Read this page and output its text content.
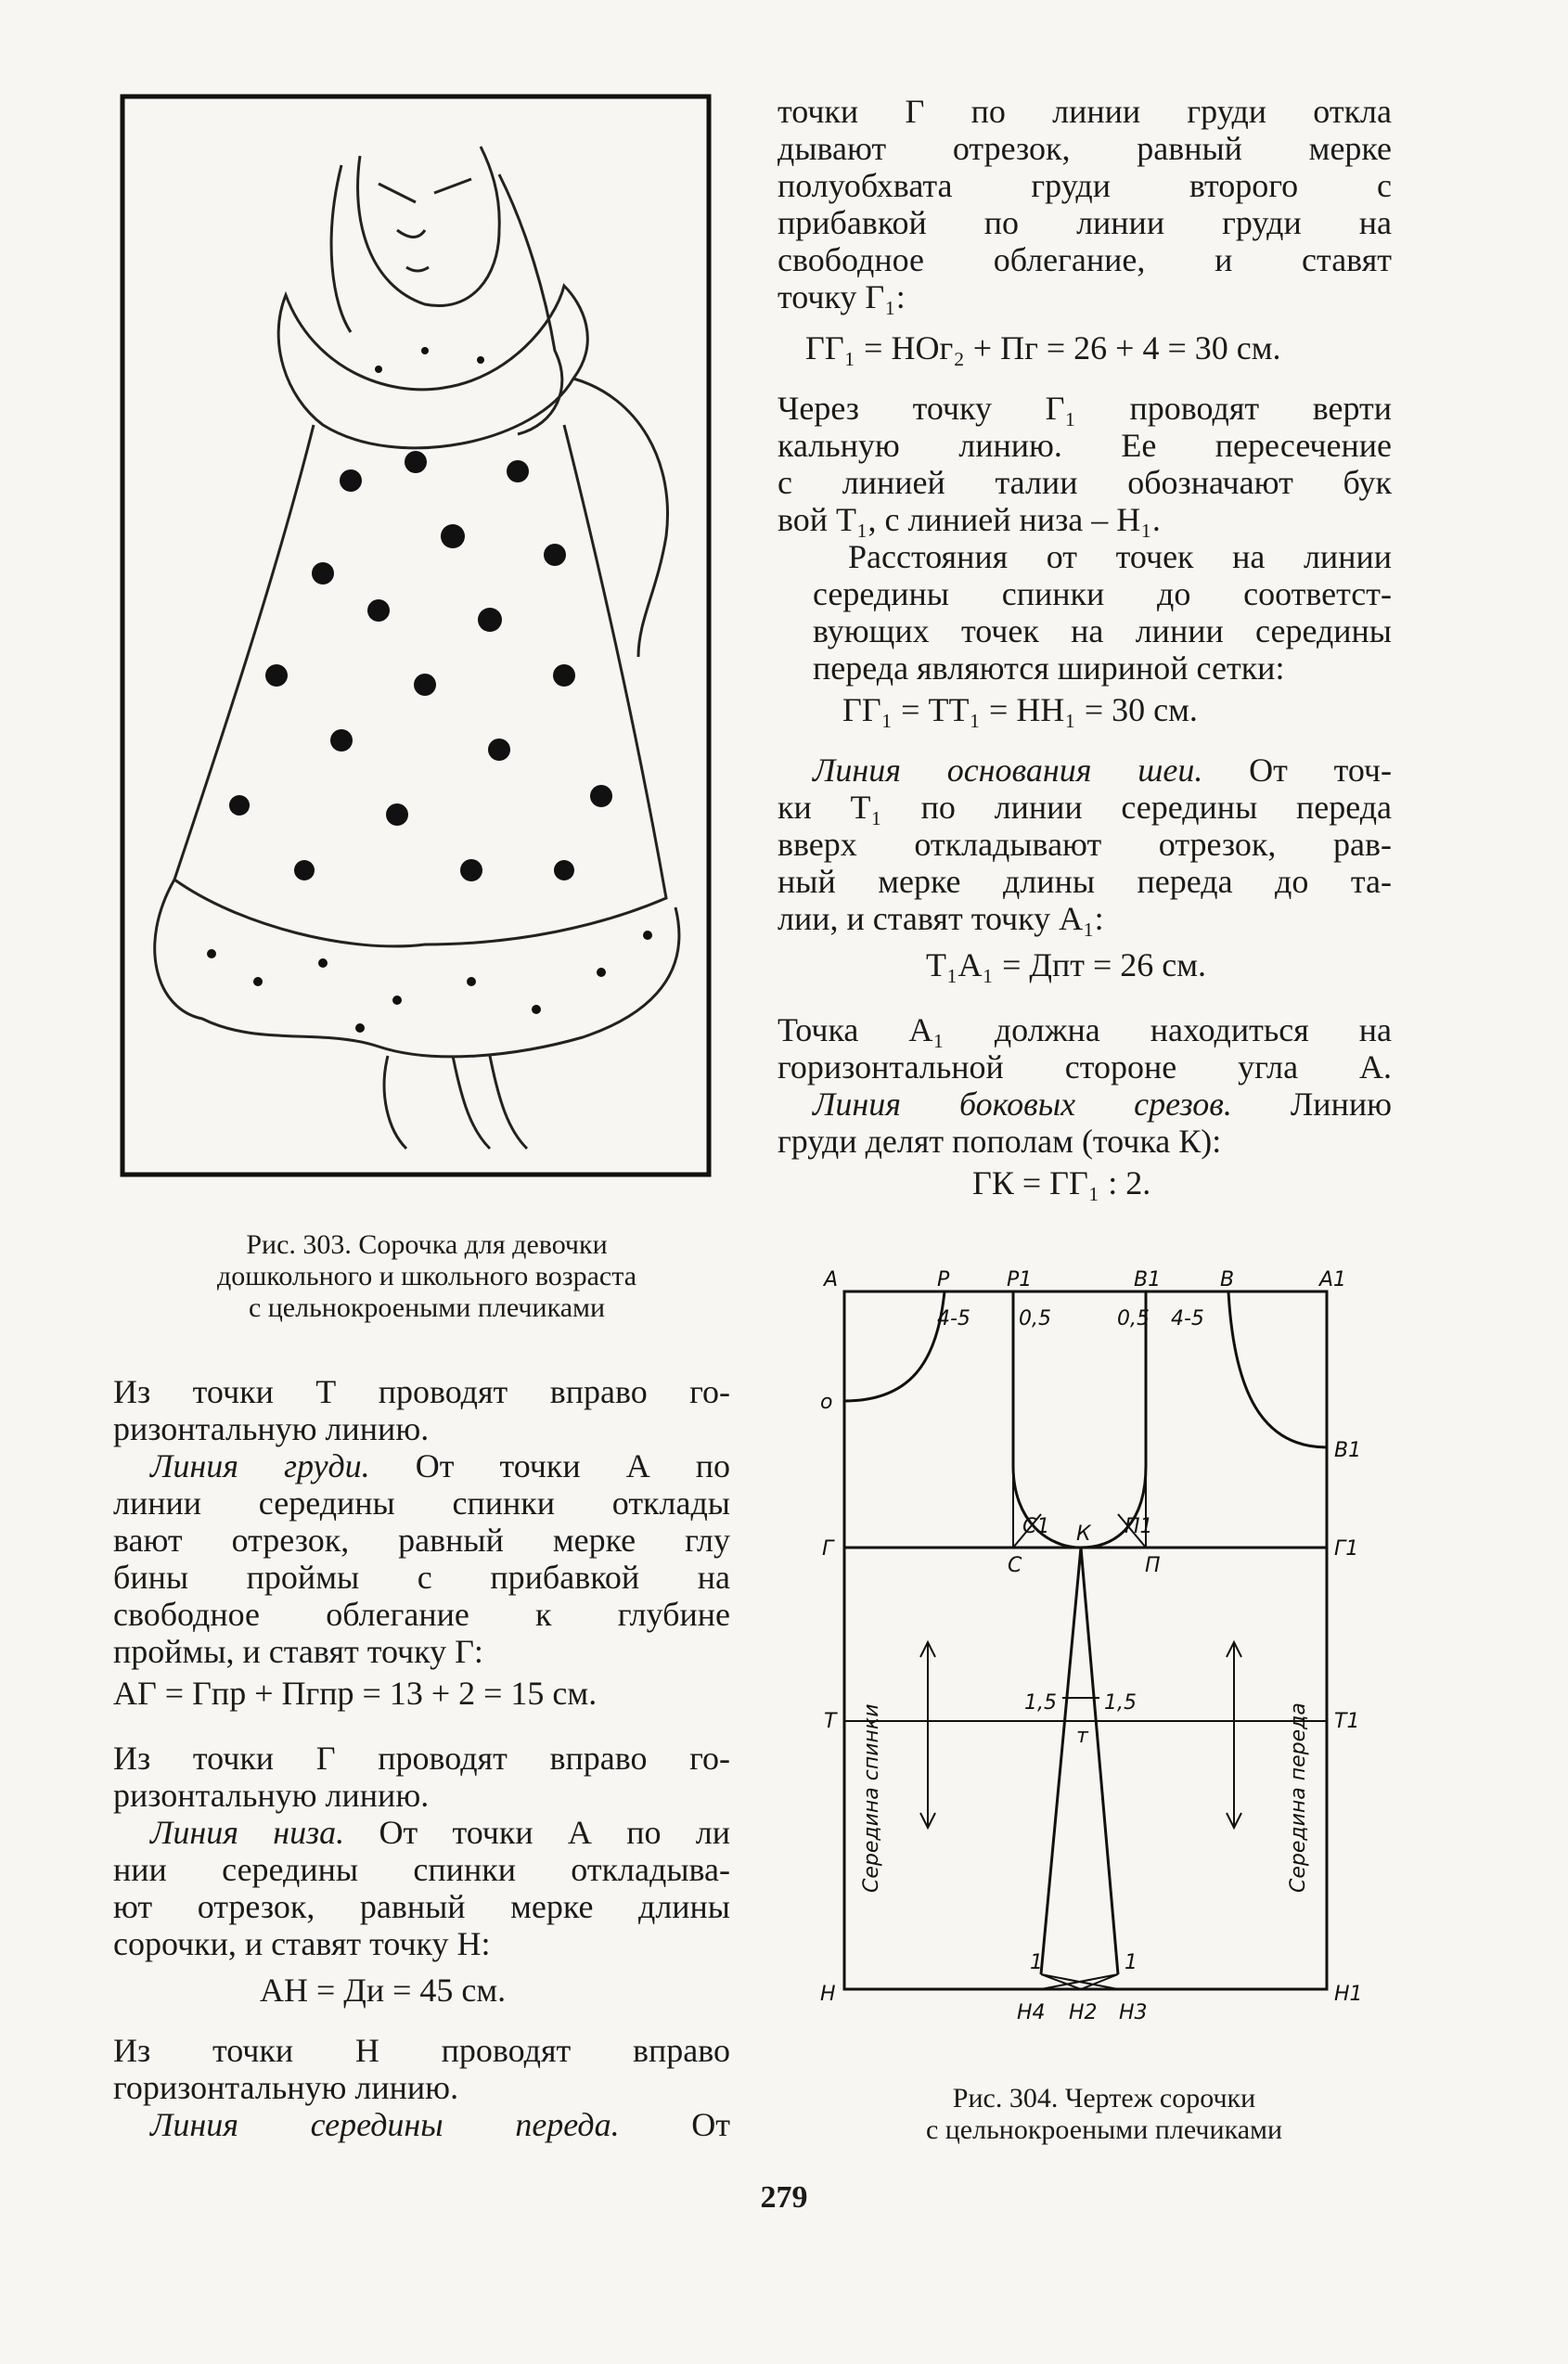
Рис. 303. Сорочка для девочки
дошкольного и школьного возраста
с цельнокроеными плечиками
точки Г по линии груди откла
дывают отрезок, равный мерке
полуобхвата груди второго с
прибавкой по линии груди на
свободное облегание, и ставят
точку Г₁:
ГГ₁ = НОг₂ + Пг = 26 + 4 = 30 см.
Через точку Г₁ проводят верти
кальную линию. Ее пересечение
с линией талии обозначают бук
вой Т₁, с линией низа – Н₁.
Расстояния от точек на линии
середины спинки до соответст-
вующих точек на линии середины
переда являются шириной сетки:
ГГ₁ = ТТ₁ = НН₁ = 30 см.
Линия основания шеи. От точ-
ки Т₁ по линии середины переда
вверх откладывают отрезок, рав-
ный мерке длины переда до та-
лии, и ставят точку А₁:
Т₁А₁ = Дпт = 26 см.
Точка А₁ должна находиться на
горизонтальной стороне угла А.
Линия боковых срезов. Линию
груди делят пополам (точка К):
ГК = ГГ₁ : 2.
Из точки Т проводят вправо го-
ризонтальную линию.
Линия груди. От точки А по
линии середины спинки отклады
вают отрезок, равный мерке глу
бины проймы с прибавкой на
свободное облегание к глубине
проймы, и ставят точку Г:
АГ = Гпр + Пгпр = 13 + 2 = 15 см.
Из точки Г проводят вправо го-
ризонтальную линию.
Линия низа. От точки А по ли
нии середины спинки откладыва-
ют отрезок, равный мерке длины
сорочки, и ставят точку Н:
АН = Ди = 45 см.
Из точки Н проводят вправо
горизонтальную линию.
Линия середины переда. От
А	Р	Р1	В1	В	А1
4-5 0,5	0,5 4-5
о
В1
С1 К П1
Г	Г1
С	П
1,5 1,5
т
Т	Т1
1	1
Н	Н1
Н4 Н2 Н3
Середина спинки	Середина переда
Рис. 304. Чертеж сорочки
с цельнокроеными плечиками
279
